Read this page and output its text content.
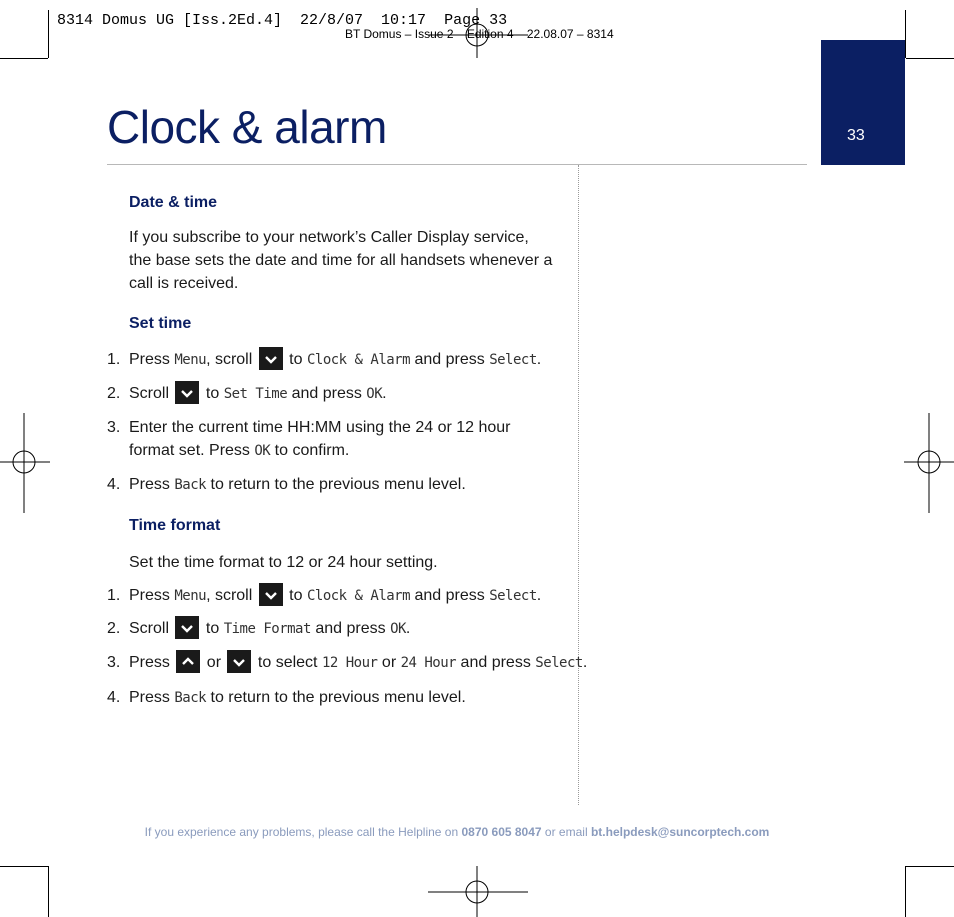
8314 Domus UG [Iss.2Ed.4]  22/8/07  10:17  Page 33
BT Domus – Issue 2 – Edition 4 – 22.08.07 – 8314
33
Clock & alarm
Date & time
If you subscribe to your network’s Caller Display service,
the base sets the date and time for all handsets whenever a
call is received.
Set time
1. Press Menu, scroll
to Clock & Alarm and press Select.
2. Scroll
to Set Time and press OK.
3. Enter the current time HH:MM using the 24 or 12 hour
format set. Press OK to confirm.
4. Press Back to return to the previous menu level.
Time format
Set the time format to 12 or 24 hour setting.
1. Press Menu, scroll
to Clock & Alarm and press Select.
2. Scroll
to Time Format and press OK.
3. Press
or
to select 12 Hour or 24 Hour and press Select.
4. Press Back to return to the previous menu level.
If you experience any problems, please call the Helpline on 0870 605 8047 or email bt.helpdesk@suncorptech.com
